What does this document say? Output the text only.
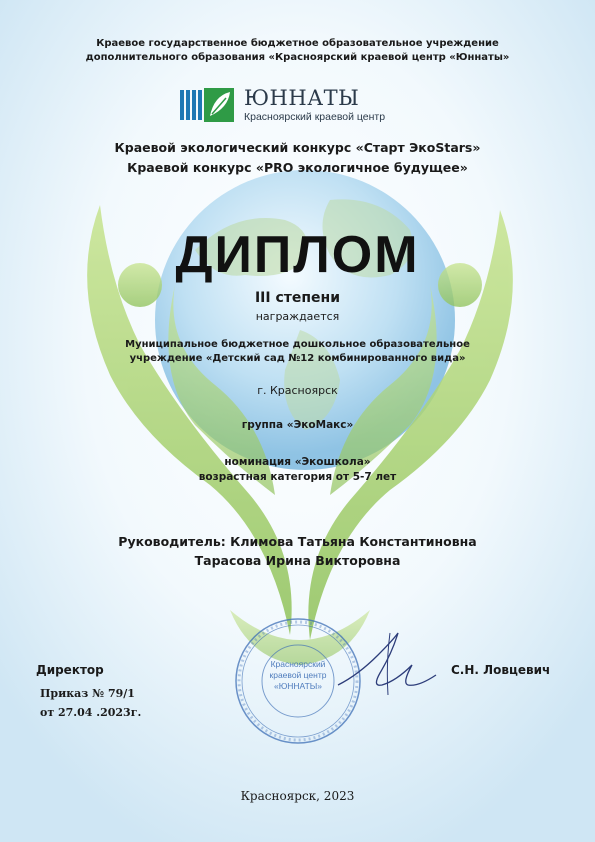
Краевое государственное бюджетное образовательное учреждение
дополнительного образования «Красноярский краевой центр «Юннаты»
ЮННАТЫ
Красноярский краевой центр
Краевой экологический конкурс «Старт ЭкоStars»
Краевой конкурс «PRO экологичное будущее»
ДИПЛОМ
III степени
награждается
Муниципальное бюджетное дошкольное образовательное
учреждение «Детский сад №12 комбинированного вида»
г. Красноярск
группа «ЭкоМакс»
номинация «Экошкола»
возрастная категория от 5-7 лет
Руководитель: Климова Татьяна Константиновна
Тарасова Ирина Викторовна
Директор	С.Н. Ловцевич
Приказ № 79/1
от 27.04 .2023г.
Красноярский
краевой центр
«ЮННАТЫ»
Красноярск, 2023
